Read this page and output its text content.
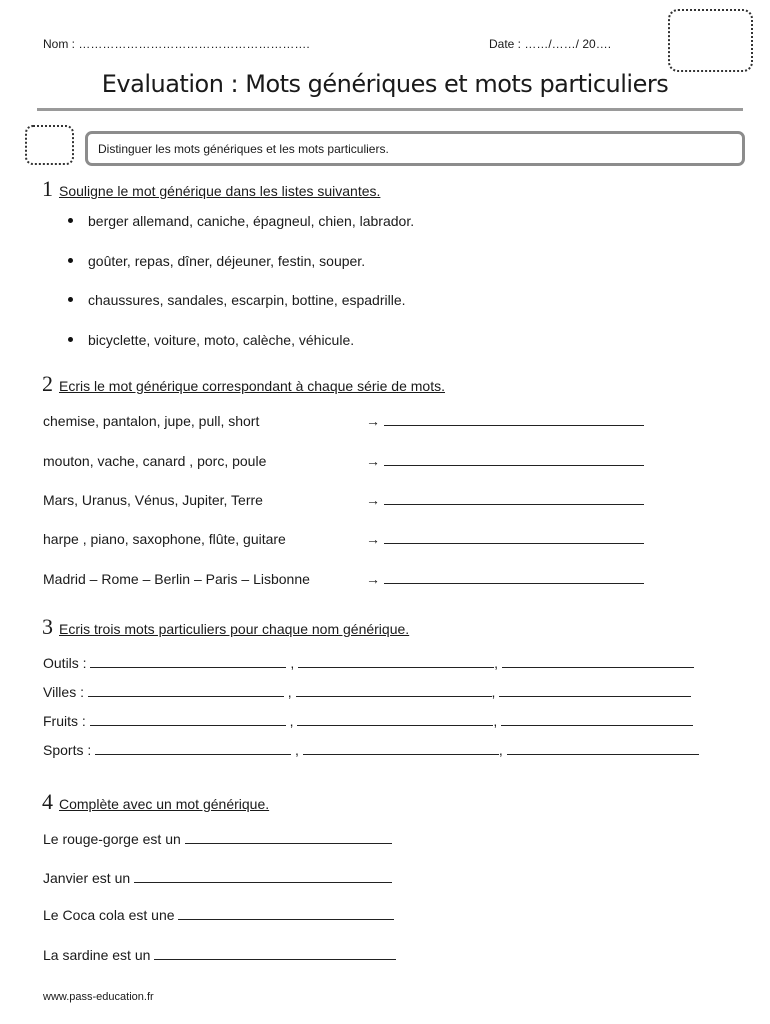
Nom : ………………………………………………….	Date : ……/……/ 20….
Evaluation : Mots génériques et mots particuliers
Distinguer les mots génériques et les mots particuliers.
1 Souligne le mot générique dans les listes suivantes.
berger allemand, caniche, épagneul, chien, labrador.
goûter, repas, dîner, déjeuner, festin, souper.
chaussures, sandales, escarpin, bottine, espadrille.
bicyclette, voiture, moto, calèche, véhicule.
2 Ecris le mot générique correspondant à chaque série de mots.
chemise, pantalon, jupe, pull, short	→
mouton, vache, canard , porc, poule	→
Mars, Uranus, Vénus, Jupiter, Terre	→
harpe , piano, saxophone, flûte, guitare	→
Madrid – Rome – Berlin – Paris – Lisbonne	→
3 Ecris trois mots particuliers pour chaque nom générique.
Outils :	,	,
Villes :	,	,
Fruits :	,	,
Sports :	,	,
4 Complète avec un mot générique.
Le rouge-gorge est un
Janvier est un
Le Coca cola est une
La sardine est un
www.pass-education.fr
